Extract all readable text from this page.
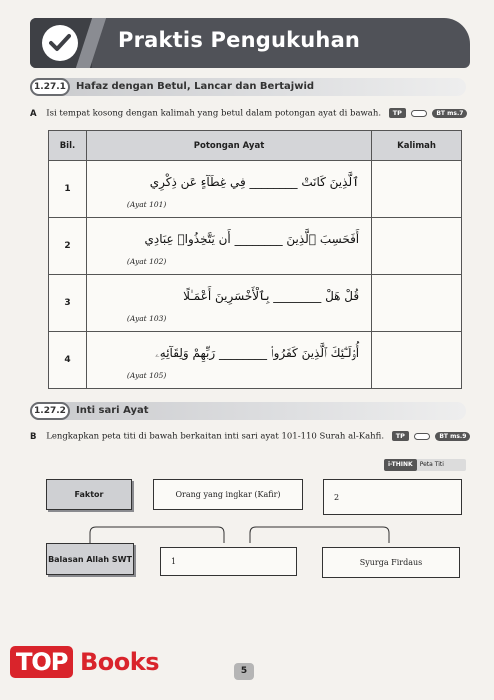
Praktis Pengukuhan
1.27.1	Hafaz dengan Betul, Lancar dan Bertajwid
A Isi tempat kosong dengan kalimah yang betul dalam potongan ayat di bawah. TP	BT ms.7
Bil.	Potongan Ayat	Kalimah
1	ٱلَّذِينَ كَانَتْ ________ فِي غِطَآءٍ عَن ذِكْرِي
(Ayat 101)	

2	أَفَحَسِبَ ٱلَّذِينَ ________ أَن يَتَّخِذُوا۟ عِبَادِي
(Ayat 102)	

3	قُلْ هَلْ ________ بِٱلْأَخْسَرِينَ أَعْمَـٰلًا
(Ayat 103)	

4	أُو۟لَـٰٓئِكَ ٱلَّذِينَ كَفَرُوا۟ ________ رَبِّهِمْ وَلِقَآئِهِۦ
(Ayat 105)	

1.27.2	Inti sari Ayat
B Lengkapkan peta titi di bawah berkaitan inti sari ayat 101-110 Surah al-Kahfi. TP	BT ms.9
i-THINK Peta Titi
Faktor	Orang yang ingkar (Kafir)	2
Balasan Allah SWT	1	Syurga Firdaus
5
TOP Books
